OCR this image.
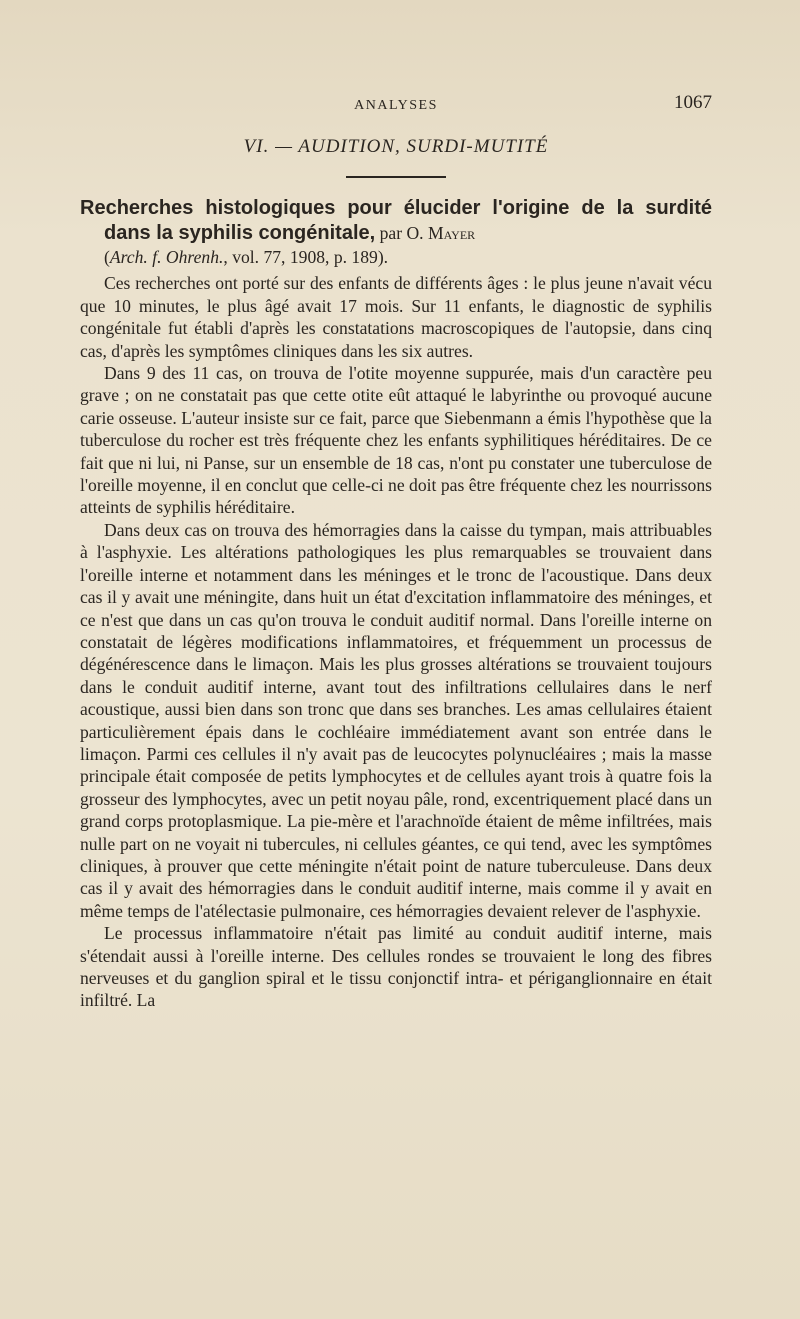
ANALYSES	1067
VI. — AUDITION, SURDI-MUTITÉ

Recherches histologiques pour élucider l'origine de la surdité dans la syphilis congénitale, par O. Mayer

(Arch. f. Ohrenh., vol. 77, 1908, p. 189).

Ces recherches ont porté sur des enfants de différents âges : le plus jeune n'avait vécu que 10 minutes, le plus âgé avait 17 mois. Sur 11 enfants, le diagnostic de syphilis congénitale fut établi d'après les constatations macroscopiques de l'autopsie, dans cinq cas, d'après les symptômes cliniques dans les six autres.

Dans 9 des 11 cas, on trouva de l'otite moyenne suppurée, mais d'un caractère peu grave ; on ne constatait pas que cette otite eût attaqué le labyrinthe ou provoqué aucune carie osseuse. L'auteur insiste sur ce fait, parce que Siebenmann a émis l'hypothèse que la tuberculose du rocher est très fréquente chez les enfants syphilitiques héréditaires. De ce fait que ni lui, ni Panse, sur un ensemble de 18 cas, n'ont pu constater une tuberculose de l'oreille moyenne, il en conclut que celle-ci ne doit pas être fréquente chez les nourrissons atteints de syphilis héréditaire.

Dans deux cas on trouva des hémorragies dans la caisse du tympan, mais attribuables à l'asphyxie. Les altérations pathologiques les plus remarquables se trouvaient dans l'oreille interne et notamment dans les méninges et le tronc de l'acoustique. Dans deux cas il y avait une méningite, dans huit un état d'excitation inflammatoire des méninges, et ce n'est que dans un cas qu'on trouva le conduit auditif normal. Dans l'oreille interne on constatait de légères modifications inflammatoires, et fréquemment un processus de dégénérescence dans le limaçon. Mais les plus grosses altérations se trouvaient toujours dans le conduit auditif interne, avant tout des infiltrations cellulaires dans le nerf acoustique, aussi bien dans son tronc que dans ses branches. Les amas cellulaires étaient particulièrement épais dans le cochléaire immédiatement avant son entrée dans le limaçon. Parmi ces cellules il n'y avait pas de leucocytes polynucléaires ; mais la masse principale était composée de petits lymphocytes et de cellules ayant trois à quatre fois la grosseur des lymphocytes, avec un petit noyau pâle, rond, excentriquement placé dans un grand corps protoplasmique. La pie-mère et l'arachnoïde étaient de même infiltrées, mais nulle part on ne voyait ni tubercules, ni cellules géantes, ce qui tend, avec les symptômes cliniques, à prouver que cette méningite n'était point de nature tuberculeuse. Dans deux cas il y avait des hémorragies dans le conduit auditif interne, mais comme il y avait en même temps de l'atélectasie pulmonaire, ces hémorragies devaient relever de l'asphyxie.

Le processus inflammatoire n'était pas limité au conduit auditif interne, mais s'étendait aussi à l'oreille interne. Des cellules rondes se trouvaient le long des fibres nerveuses et du ganglion spiral et le tissu conjonctif intra- et périganglionnaire en était infiltré. La
